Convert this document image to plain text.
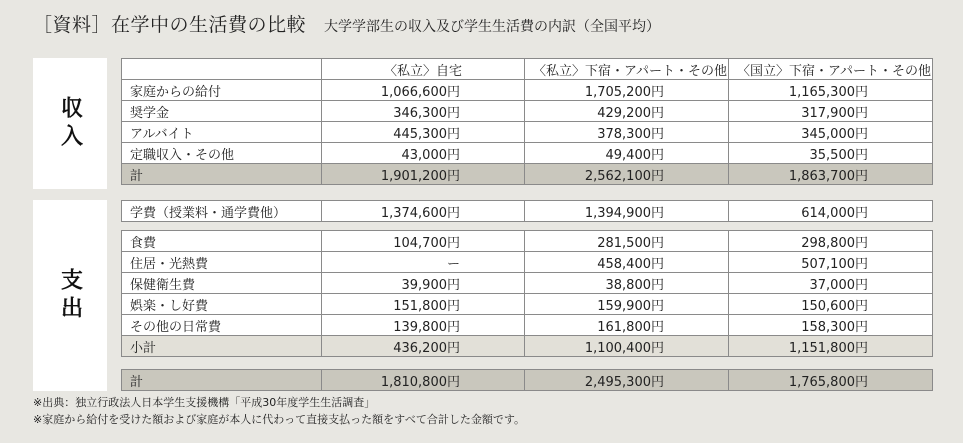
［資料］在学中の生活費の比較 大学学部生の収入及び学生生活費の内訳（全国平均）
収入
支出
	〈私立〉自宅	〈私立〉下宿・アパート・その他	〈国立〉下宿・アパート・その他
家庭からの給付	1,066,600円	1,705,200円	1,165,300円
奨学金	346,300円	429,200円	317,900円
アルバイト	445,300円	378,300円	345,000円
定職収入・その他	43,000円	49,400円	35,500円
計	1,901,200円	2,562,100円	1,863,700円
学費（授業料・通学費他）	1,374,600円	1,394,900円	614,000円
食費	104,700円	281,500円	298,800円
住居・光熱費	ー	458,400円	507,100円
保健衛生費	39,900円	38,800円	37,000円
娯楽・し好費	151,800円	159,900円	150,600円
その他の日常費	139,800円	161,800円	158,300円
小計	436,200円	1,100,400円	1,151,800円
計	1,810,800円	2,495,300円	1,765,800円
※出典：独立行政法人日本学生支援機構「平成30年度学生生活調査」
※家庭から給付を受けた額および家庭が本人に代わって直接支払った額をすべて合計した金額です。
